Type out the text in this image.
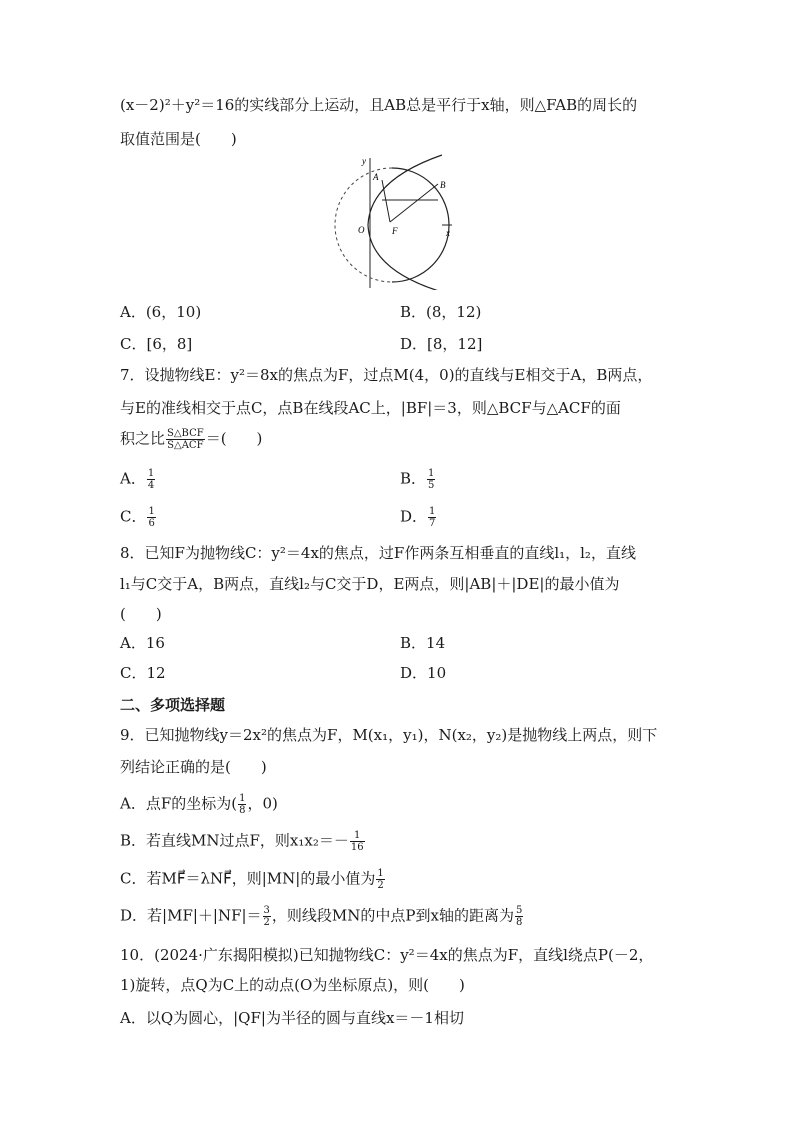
(x－2)²＋y²＝16的实线部分上运动，且AB总是平行于x轴，则△FAB的周长的
取值范围是(　　)
y
A
B
O	F	x
A．(6，10)	B．(8，12)
C．[6，8]	D．[8，12]
7．设抛物线E：y²＝8x的焦点为F，过点M(4，0)的直线与E相交于A，B两点，
与E的准线相交于点C，点B在线段AC上，|BF|＝3，则△BCF与△ACF的面
积之比 $\frac{\text{S△BCF}}{\text{S△ACF}}$ ＝(　　)
A． $\frac{1}{4}$	B． $\frac{1}{5}$
C． $\frac{1}{6}$	D． $\frac{1}{7}$
8．已知F为抛物线C：y²＝4x的焦点，过F作两条互相垂直的直线l₁，l₂，直线
l₁与C交于A，B两点，直线l₂与C交于D，E两点，则|AB|＋|DE|的最小值为
(　　)
A．16	B．14
C．12	D．10
二、多项选择题
9．已知抛物线y＝2x²的焦点为F，M(x₁，y₁)，N(x₂，y₂)是抛物线上两点，则下
列结论正确的是(　　)
A．点F的坐标为( $\frac{1}{8}$ ，0)
B．若直线MN过点F，则$x_1x_2=- \frac{1}{16}$
C．若MF⃗＝λNF⃗，则|MN|的最小值为 $\frac{1}{2}$
D．若$|MF|+|NF|= \frac{3}{2}$ ，则线段MN的中点P到x轴的距离为 $\frac{5}{8}$
10．(2024·广东揭阳模拟)已知抛物线C：y²＝4x的焦点为F，直线l绕点P(－2，
1)旋转，点Q为C上的动点(O为坐标原点)，则(　　)
A．以Q为圆心，|QF|为半径的圆与直线x＝－1相切
